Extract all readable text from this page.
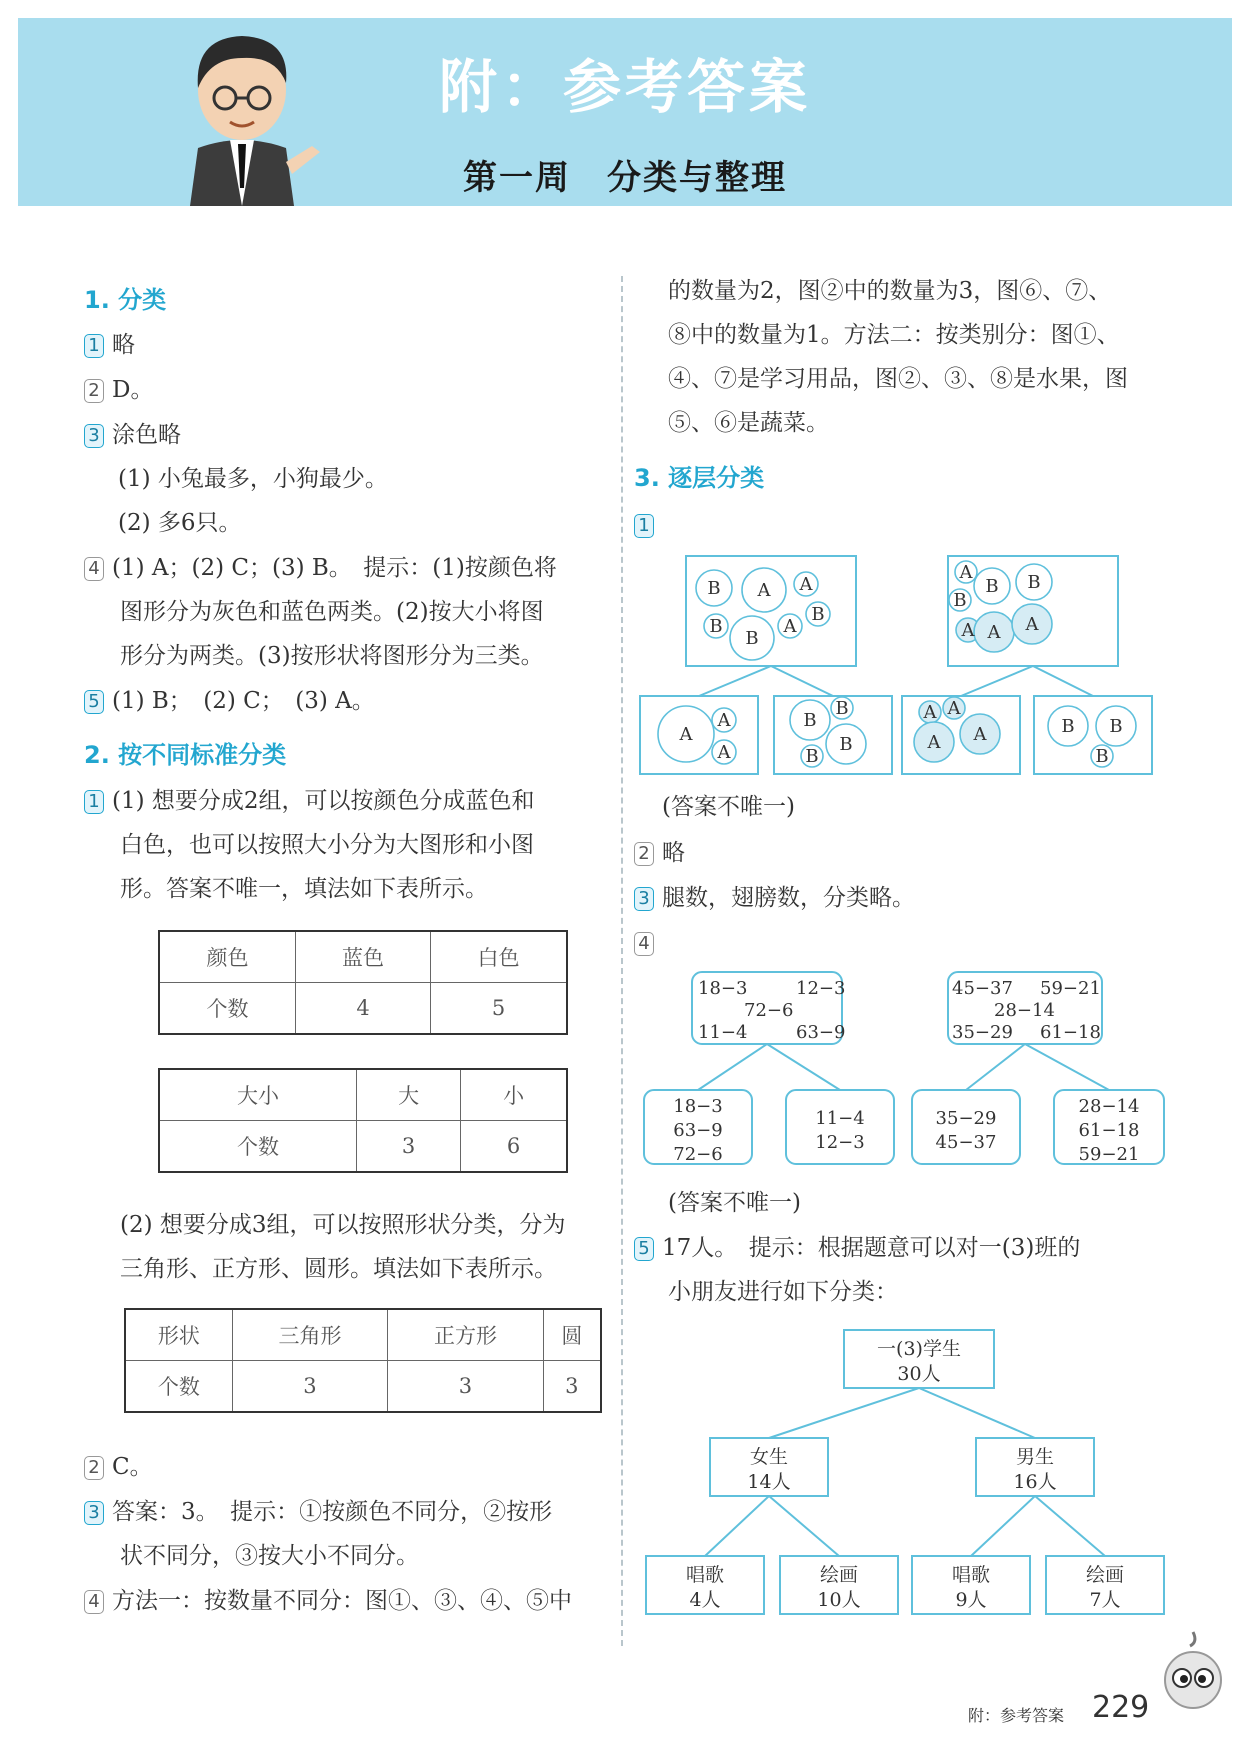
附：参考答案
第一周　分类与整理
1. 分类
1 略
2 D。
3 涂色略
(1) 小兔最多，小狗最少。
(2) 多6只。
4 (1) A；(2) C；(3) B。　提示：(1)按颜色将
图形分为灰色和蓝色两类。(2)按大小将图
形分为两类。(3)按形状将图形分为三类。
5 (1) B；　(2) C；　(3) A。
2. 按不同标准分类
1 (1) 想要分成2组，可以按颜色分成蓝色和
白色，也可以按照大小分为大图形和小图
形。答案不唯一，填法如下表所示。
颜色	蓝色	白色
个数	4	5
大小	大	小
个数	3	6
(2) 想要分成3组，可以按照形状分类，分为
三角形、正方形、圆形。填法如下表所示。
形状	三角形	正方形	圆
个数	3	3	3
2 C。
3 答案：3。　提示：①按颜色不同分，②按形
状不同分，③按大小不同分。
4 方法一：按数量不同分：图①、③、④、⑤中
的数量为2，图②中的数量为3，图⑥、⑦、
⑧中的数量为1。方法二：按类别分：图①、
④、⑦是学习用品，图②、③、⑧是水果，图
⑤、⑥是蔬菜。
3. 逐层分类
1
B A A
B
B
A
B
A
B B
B
A A A
A
A
A
B
B
B
B
A A
A A	B B
B
(答案不唯一)
2 略
3 腿数，翅膀数，分类略。
4
18−3	12−3
72−6
11−4	63−9
45−37 59−21
28−14
35−29 61−18
18−3
63−9
72−6
11−4
12−3
35−29
45−37
28−14
61−18
59−21
(答案不唯一)
5 17人。　提示：根据题意可以对一(3)班的
小朋友进行如下分类：
一(3)学生
30人
女生
14人
男生
16人
唱歌
4人
绘画
10人
唱歌
9人
绘画
7人
附：参考答案 229
